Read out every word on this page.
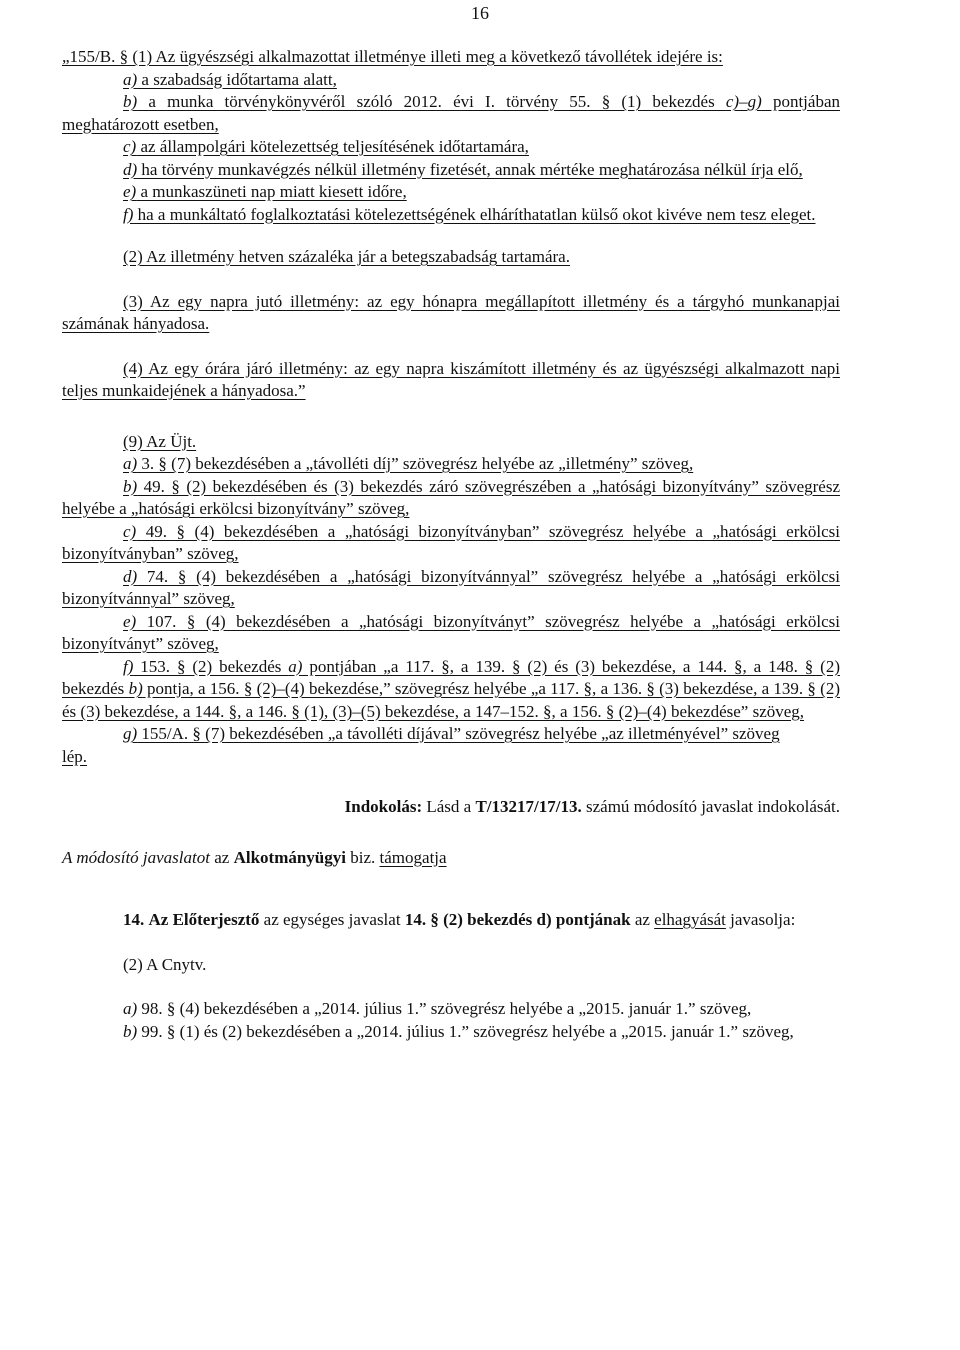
16

„155/B. § (1) Az ügyészségi alkalmazottat illetménye illeti meg a következő távollétek idejére is:

a) a szabadság időtartama alatt,

b) a munka törvénykönyvéről szóló 2012. évi I. törvény 55. § (1) bekezdés c)–g) pontjában meghatározott esetben,

c) az állampolgári kötelezettség teljesítésének időtartamára,

d) ha törvény munkavégzés nélkül illetmény fizetését, annak mértéke meghatározása nélkül írja elő,

e) a munkaszüneti nap miatt kiesett időre,

f) ha a munkáltató foglalkoztatási kötelezettségének elháríthatatlan külső okot kivéve nem tesz eleget.

(2) Az illetmény hetven százaléka jár a betegszabadság tartamára.

(3) Az egy napra jutó illetmény: az egy hónapra megállapított illetmény és a tárgyhó munkanapjai számának hányadosa.

(4) Az egy órára járó illetmény: az egy napra kiszámított illetmény és az ügyészségi alkalmazott napi teljes munkaidejének a hányadosa.”

(9) Az Üjt.

a) 3. § (7) bekezdésében a „távolléti díj” szövegrész helyébe az „illetmény” szöveg,

b) 49. § (2) bekezdésében és (3) bekezdés záró szövegrészében a „hatósági bizonyítvány” szövegrész helyébe a „hatósági erkölcsi bizonyítvány” szöveg,

c) 49. § (4) bekezdésében a „hatósági bizonyítványban” szövegrész helyébe a „hatósági erkölcsi bizonyítványban” szöveg,

d) 74. § (4) bekezdésében a „hatósági bizonyítvánnyal” szövegrész helyébe a „hatósági erkölcsi bizonyítvánnyal” szöveg,

e) 107. § (4) bekezdésében a „hatósági bizonyítványt” szövegrész helyébe a „hatósági erkölcsi bizonyítványt” szöveg,

f) 153. § (2) bekezdés a) pontjában „a 117. §, a 139. § (2) és (3) bekezdése, a 144. §, a 148. § (2) bekezdés b) pontja, a 156. § (2)–(4) bekezdése,” szövegrész helyébe „a 117. §, a 136. § (3) bekezdése, a 139. § (2) és (3) bekezdése, a 144. §, a 146. § (1), (3)–(5) bekezdése, a 147–152. §, a 156. § (2)–(4) bekezdése” szöveg,

g) 155/A. § (7) bekezdésében „a távolléti díjával” szövegrész helyébe „az illetményével” szöveg

lép.

Indokolás: Lásd a T/13217/17/13. számú módosító javaslat indokolását.

A módosító javaslatot az Alkotmányügyi biz. támogatja

14. Az Előterjesztő az egységes javaslat 14. § (2) bekezdés d) pontjának az elhagyását javasolja:

(2) A Cnytv.

a) 98. § (4) bekezdésében a „2014. július 1.” szövegrész helyébe a „2015. január 1.” szöveg,

b) 99. § (1) és (2) bekezdésében a „2014. július 1.” szövegrész helyébe a „2015. január 1.” szöveg,
